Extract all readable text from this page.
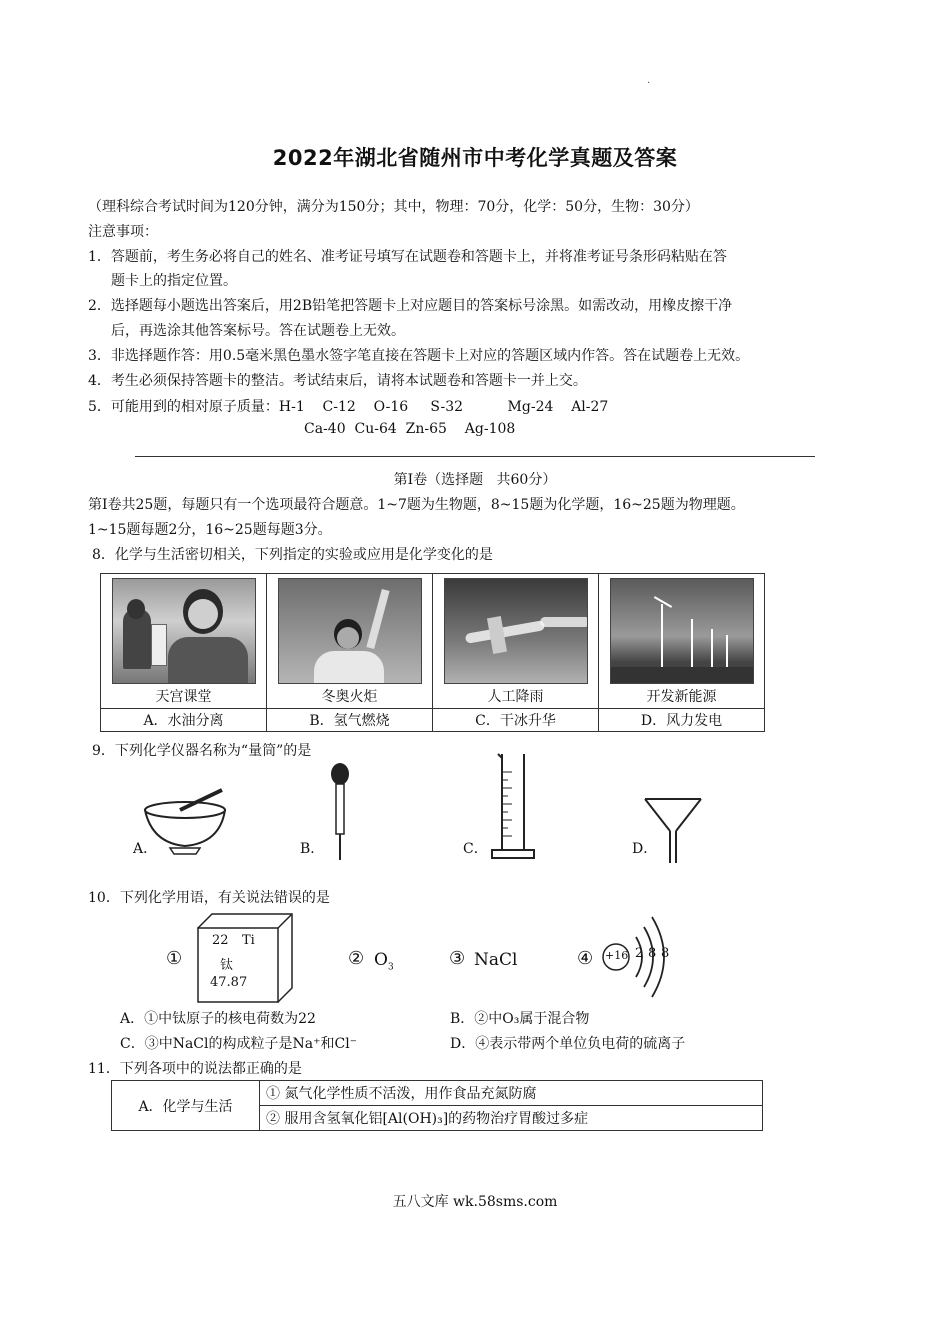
·
2022年湖北省随州市中考化学真题及答案
（理科综合考试时间为120分钟，满分为150分；其中，物理：70分，化学：50分，生物：30分）
注意事项：
1．答题前，考生务必将自己的姓名、准考证号填写在试题卷和答题卡上，并将准考证号条形码粘贴在答
题卡上的指定位置。
2．选择题每小题选出答案后，用2B铅笔把答题卡上对应题目的答案标号涂黑。如需改动，用橡皮擦干净
后，再选涂其他答案标号。答在试题卷上无效。
3．非选择题作答：用0.5毫米黑色墨水签字笔直接在答题卡上对应的答题区域内作答。答在试题卷上无效。
4．考生必须保持答题卡的整洁。考试结束后，请将本试题卷和答题卡一并上交。
5．可能用到的相对原子质量：H-1    C-12    O-16     S-32          Mg-24    Al-27
Ca-40  Cu-64  Zn-65    Ag-108
第Ⅰ卷（选择题   共60分）
第Ⅰ卷共25题，每题只有一个选项最符合题意。1~7题为生物题，8~15题为化学题，16~25题为物理题。
1~15题每题2分，16~25题每题3分。
8．化学与生活密切相关，下列指定的实验或应用是化学变化的是
天宫课堂	冬奥火炬	人工降雨	开发新能源

A．水油分离	B．氢气燃烧	C．干冰升华	D．风力发电
9．下列化学仪器名称为“量筒”的是
A．	B．	C．	D．
10．下列化学用语，有关说法错误的是
①
22 Ti
钛
47.87
② $O_3$	③ NaCl	④ +16 2 8 8
A．①中钛原子的核电荷数为22	B．②中O₃属于混合物
C．③中NaCl的构成粒子是Na⁺和Cl⁻	D．④表示带两个单位负电荷的硫离子
11．下列各项中的说法都正确的是
A．化学与生活	① 氮气化学性质不活泼，用作食品充氮防腐
② 服用含氢氧化铝[Al(OH)₃]的药物治疗胃酸过多症
五八文库 wk.58sms.com
